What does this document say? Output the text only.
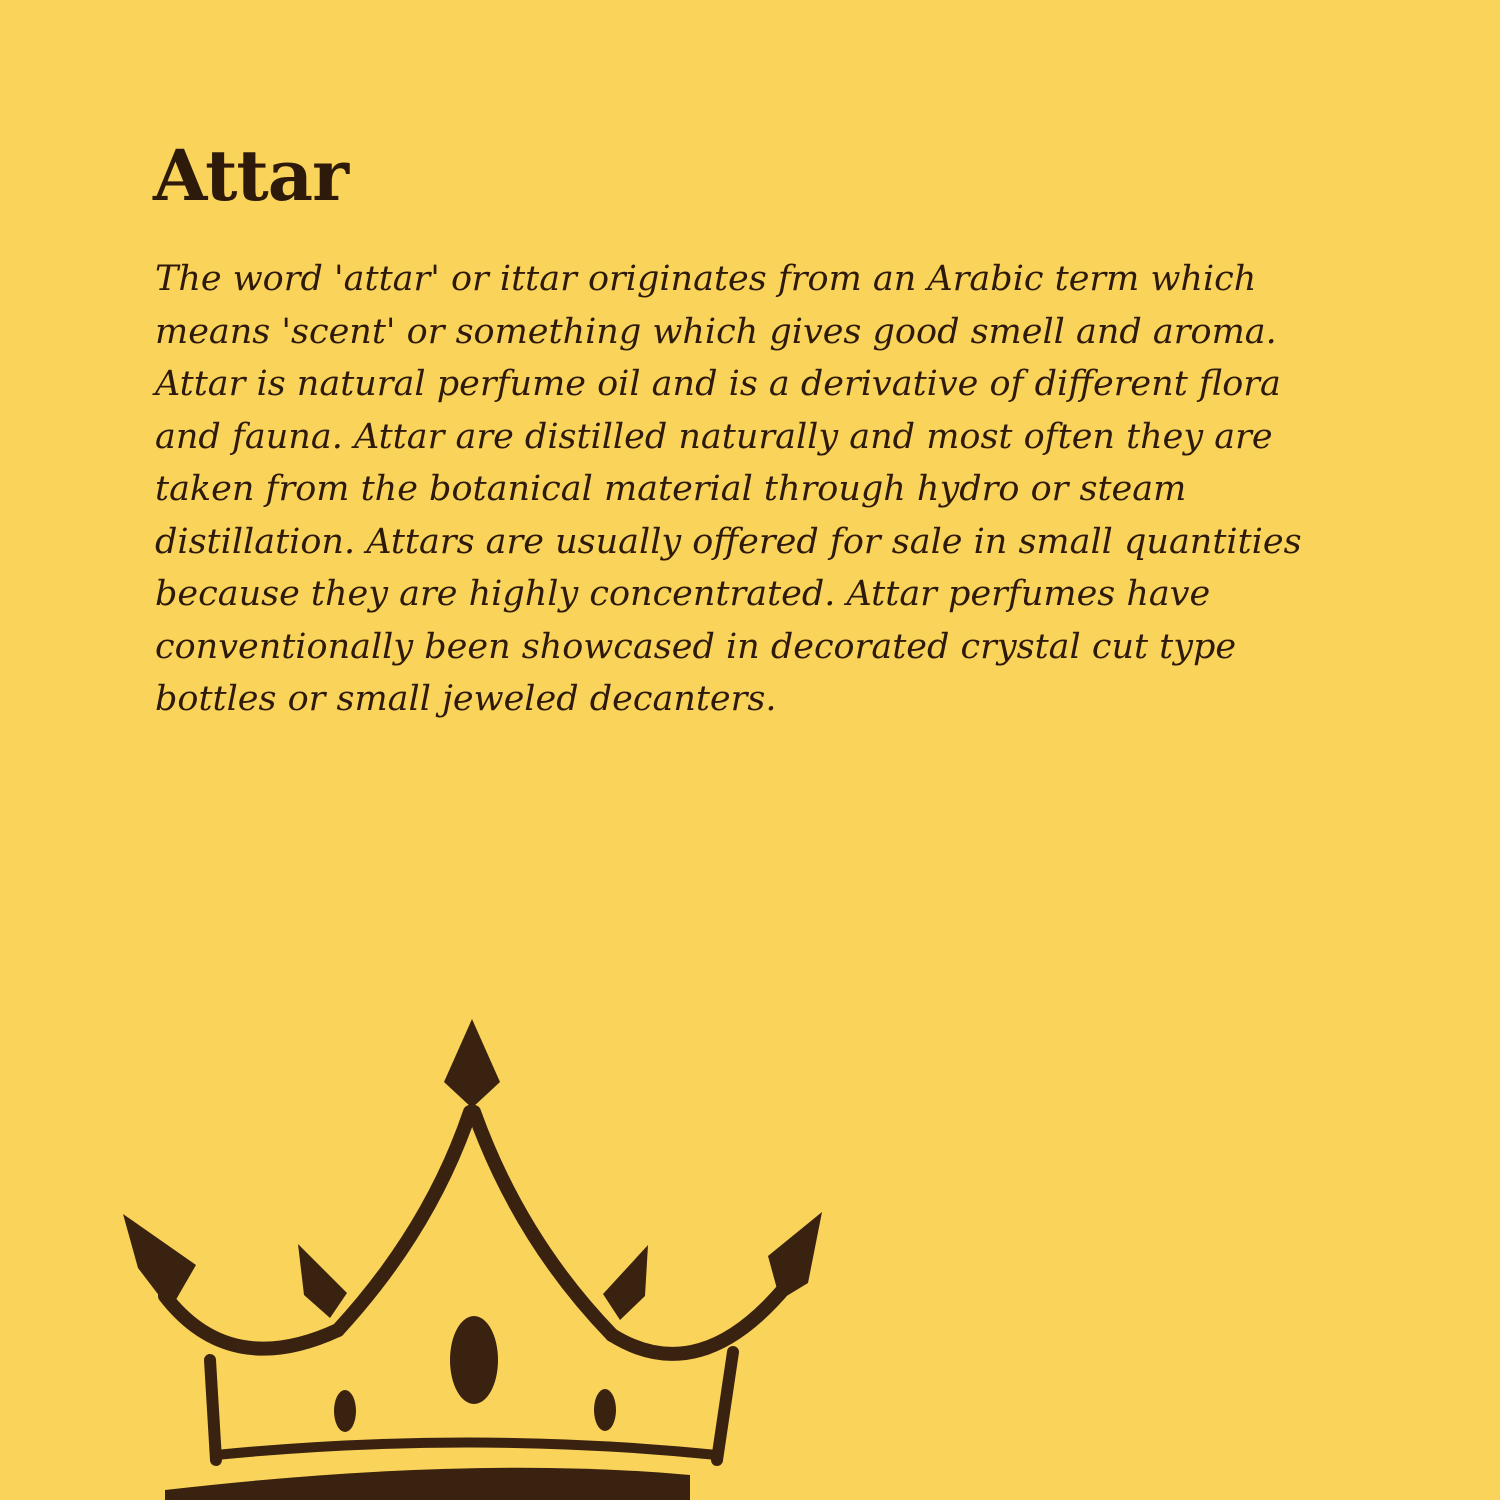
Attar

The word 'attar' or ittar originates from an Arabic term which
means 'scent' or something which gives good smell and aroma.
Attar is natural perfume oil and is a derivative of different flora
and fauna. Attar are distilled naturally and most often they are
taken from the botanical material through hydro or steam
distillation. Attars are usually offered for sale in small quantities
because they are highly concentrated. Attar perfumes have
conventionally been showcased in decorated crystal cut type
bottles or small jeweled decanters.
